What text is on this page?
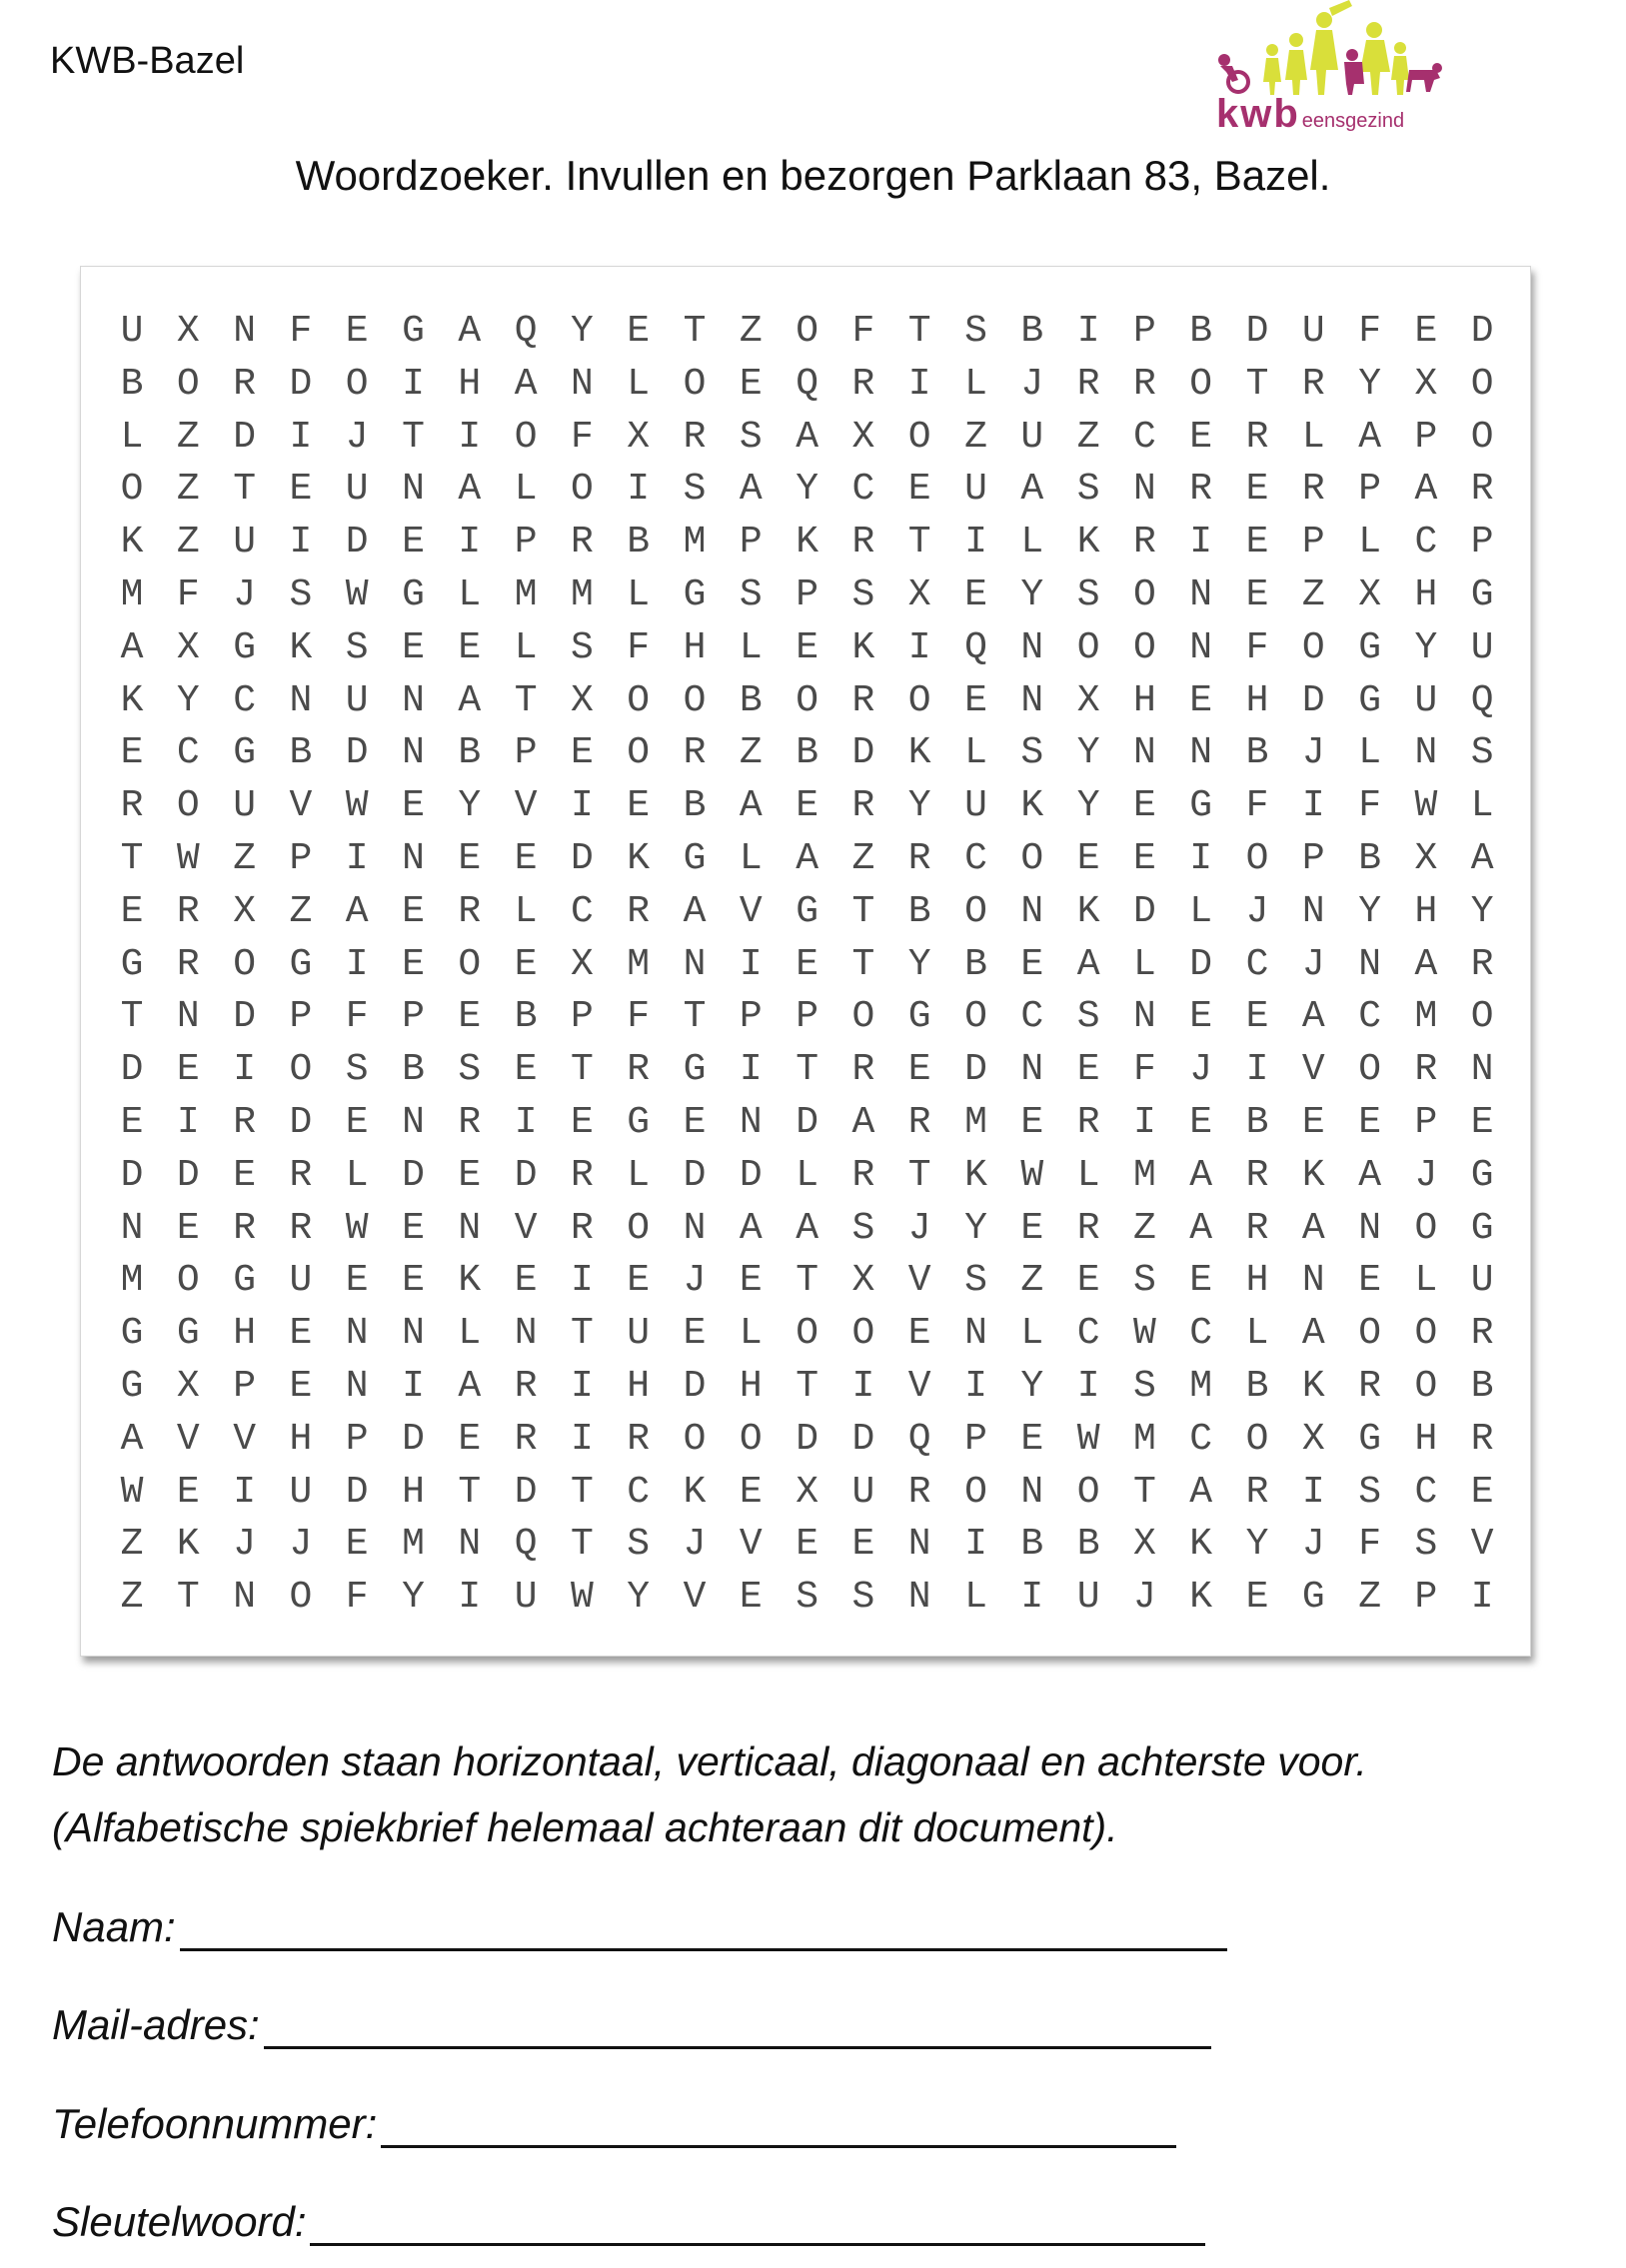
KWB-Bazel
kwb eensgezind
Woordzoeker. Invullen en bezorgen Parklaan 83, Bazel.
U X N F E G A Q Y E T Z O F T S B I P B D U F E D
B O R D O I H A N L O E Q R I L J R R O T R Y X O
L Z D I J T I O F X R S A X O Z U Z C E R L A P O
O Z T E U N A L O I S A Y C E U A S N R E R P A R
K Z U I D E I P R B M P K R T I L K R I E P L C P
M F J S W G L M M L G S P S X E Y S O N E Z X H G
A X G K S E E L S F H L E K I Q N O O N F O G Y U
K Y C N U N A T X O O B O R O E N X H E H D G U Q
E C G B D N B P E O R Z B D K L S Y N N B J L N S
R O U V W E Y V I E B A E R Y U K Y E G F I F W L
T W Z P I N E E D K G L A Z R C O E E I O P B X A
E R X Z A E R L C R A V G T B O N K D L J N Y H Y
G R O G I E O E X M N I E T Y B E A L D C J N A R
T N D P F P E B P F T P P O G O C S N E E A C M O
D E I O S B S E T R G I T R E D N E F J I V O R N
E I R D E N R I E G E N D A R M E R I E B E E P E
D D E R L D E D R L D D L R T K W L M A R K A J G
N E R R W E N V R O N A A S J Y E R Z A R A N O G
M O G U E E K E I E J E T X V S Z E S E H N E L U
G G H E N N L N T U E L O O E N L C W C L A O O R
G X P E N I A R I H D H T I V I Y I S M B K R O B
A V V H P D E R I R O O D D Q P E W M C O X G H R
W E I U D H T D T C K E X U R O N O T A R I S C E
Z K J J E M N Q T S J V E E N I B B X K Y J F S V
Z T N O F Y I U W Y V E S S N L I U J K E G Z P I
De antwoorden staan horizontaal, verticaal, diagonaal en achterste voor.
(Alfabetische spiekbrief helemaal achteraan dit document).
Naam:
Mail-adres:
Telefoonnummer:
Sleutelwoord:
